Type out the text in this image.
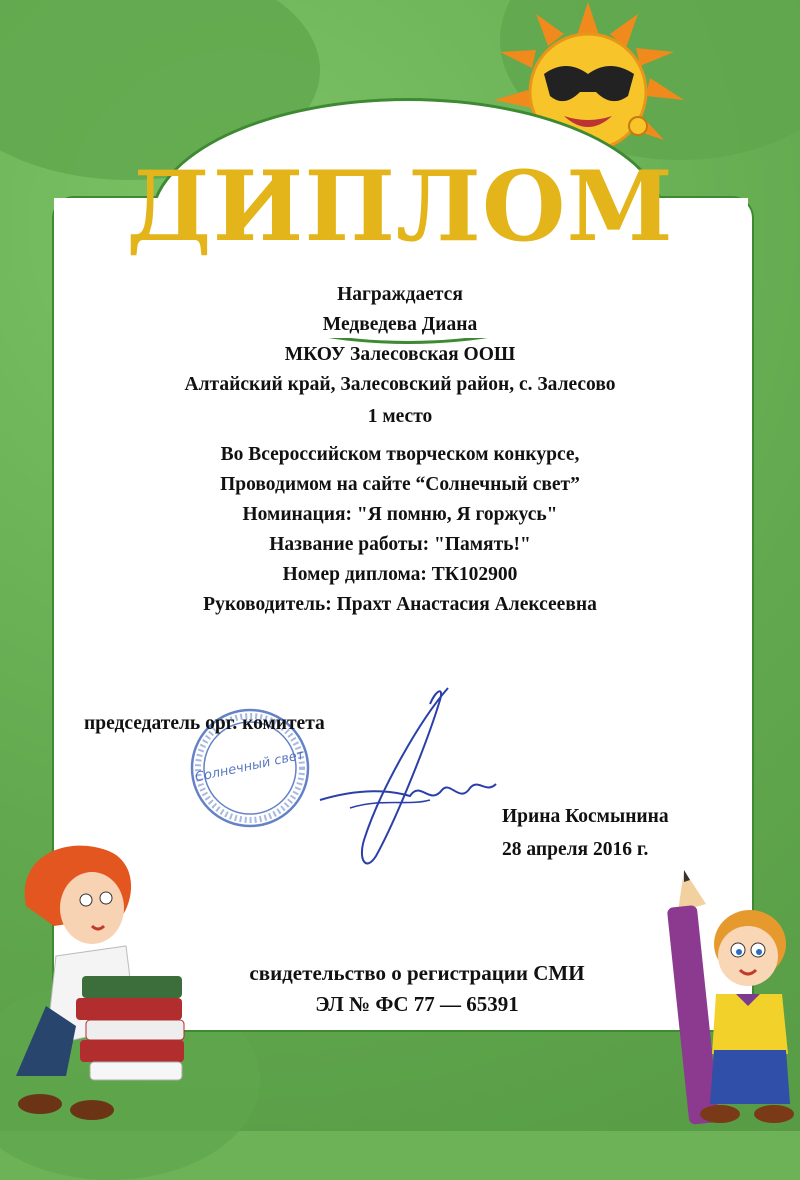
ДИПЛОМ
Награждается
Медведева Диана
МКОУ Залесовская ООШ
Алтайский край, Залесовский район, с. Залесово
1 место
Во Всероссийском творческом конкурсе,
Проводимом на сайте “Солнечный свет”
Номинация: "Я помню, Я горжусь"
Название работы: "Память!"
Номер диплома: ТК102900
Руководитель: Прахт Анастасия Алексеевна
Солнечный свет
председатель орг. комитета
Ирина Космынина
28 апреля 2016 г.
свидетельство о регистрации СМИ
ЭЛ № ФС 77 — 65391
